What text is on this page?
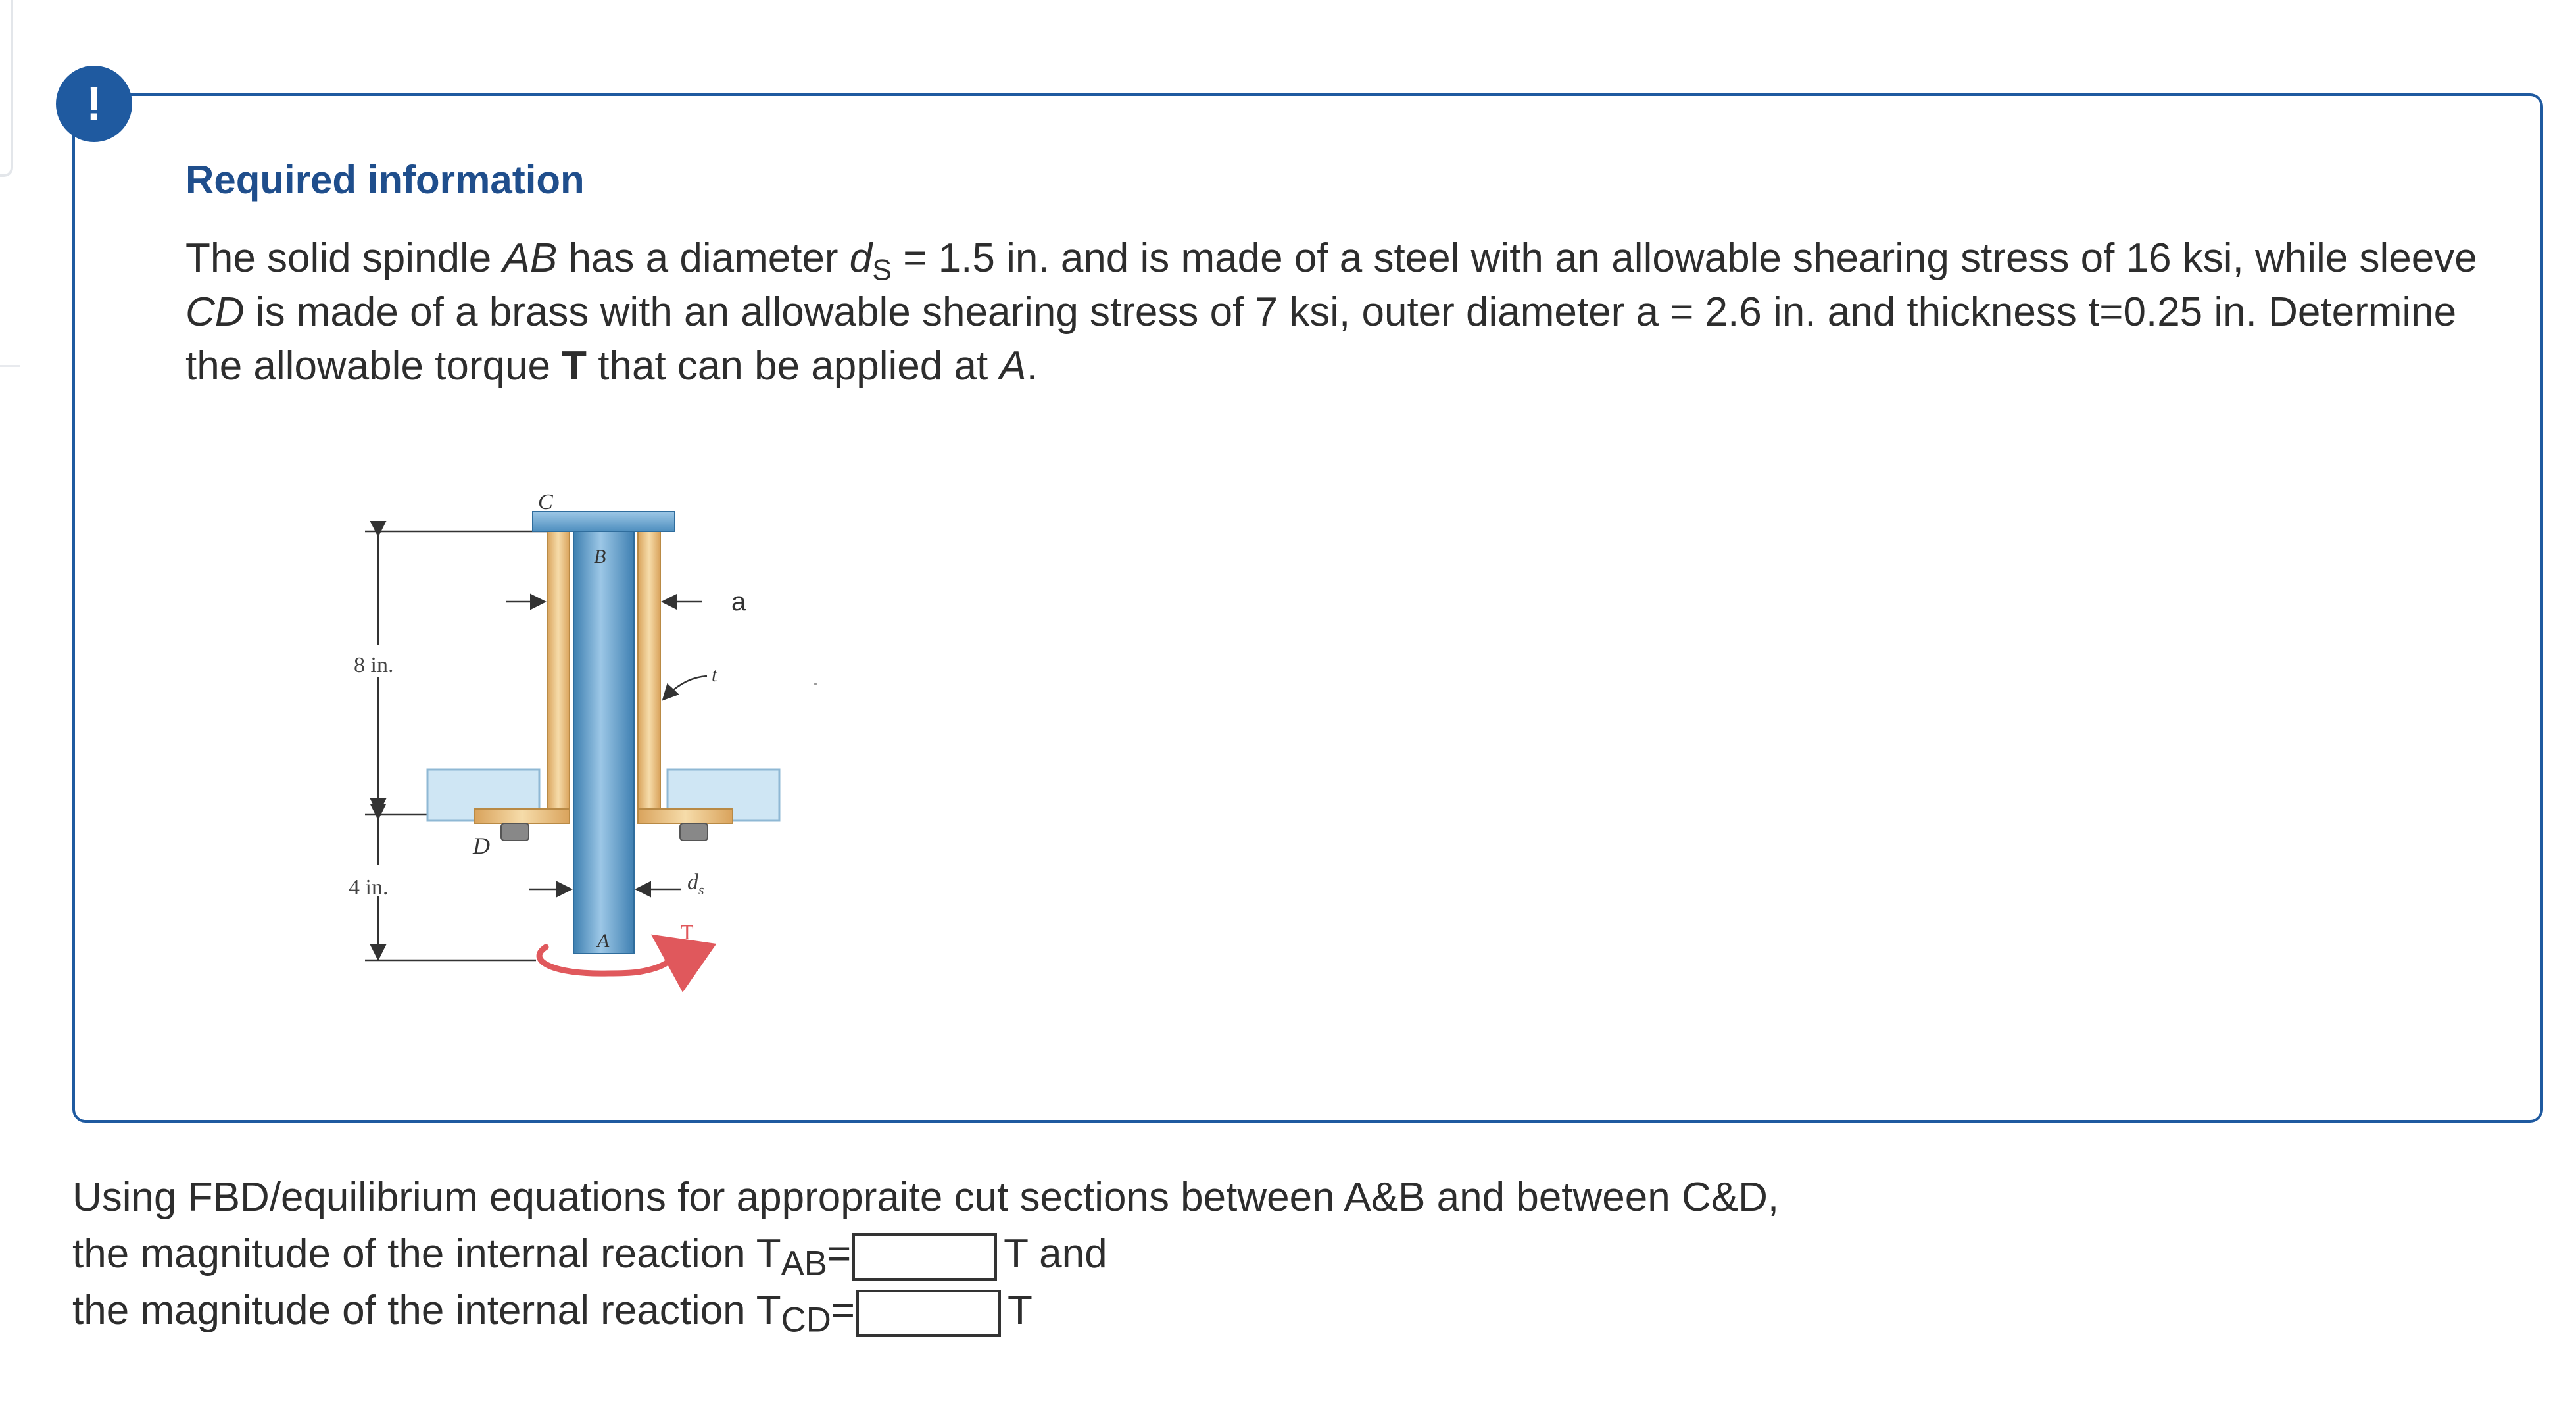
!
Required information

The solid spindle AB has a diameter $d_S = 1.5$ in. and is made of a steel with an allowable shearing stress of 16 ksi, while sleeve CD is made of a brass with an allowable shearing stress of 7 ksi, outer diameter a = 2.6 in. and thickness t=0.25 in. Determine the allowable torque T that can be applied at A.

8 in.
4 in.
C
B
D
A
a
t
$d_s$
T
Using FBD/equilibrium equations for appropraite cut sections between A&B and between C&D,
the magnitude of the internal reaction $T_{AB}=$	T and
the magnitude of the internal reaction $T_{CD}=$	T
